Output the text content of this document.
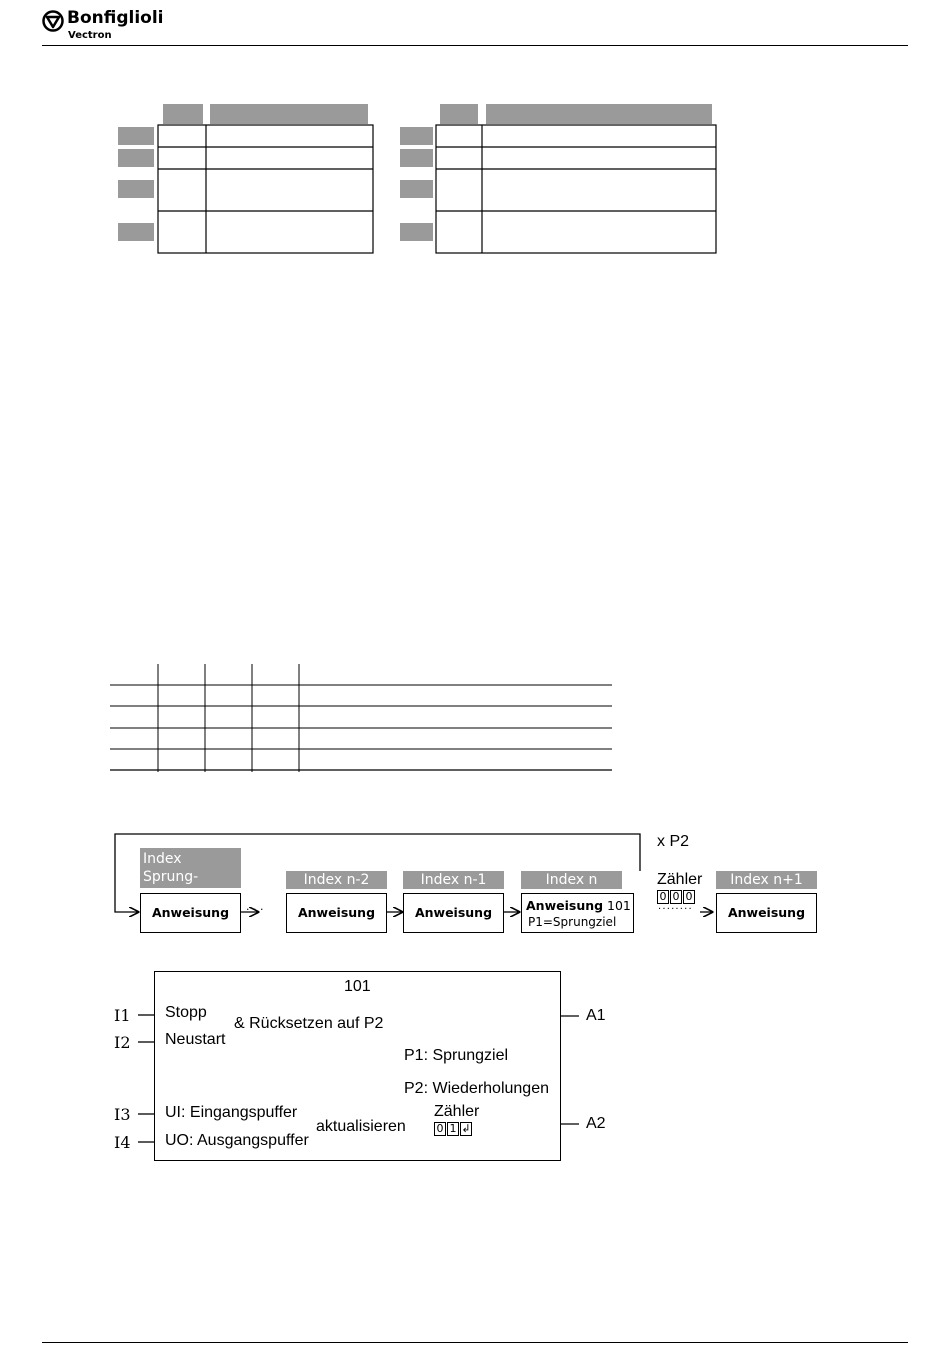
Bonfiglioli
Vectron
x P2
Index Sprung-	Index n-2	Index n-1	Index n	Index n+1
Anweisung	· · ·	Anweisung	Anweisung	Anweisung 101
P1=Sprungziel
Zähler
0 0 0
· · · · · · · ·	Anweisung
101
I1
I2
I3
I4
A1
A2
Stopp
Neustart
& Rücksetzen auf P2
P1: Sprungziel
P2: Wiederholungen
UI: Eingangspuffer
UO: Ausgangspuffer
aktualisieren
Zähler
0 1 ↲
